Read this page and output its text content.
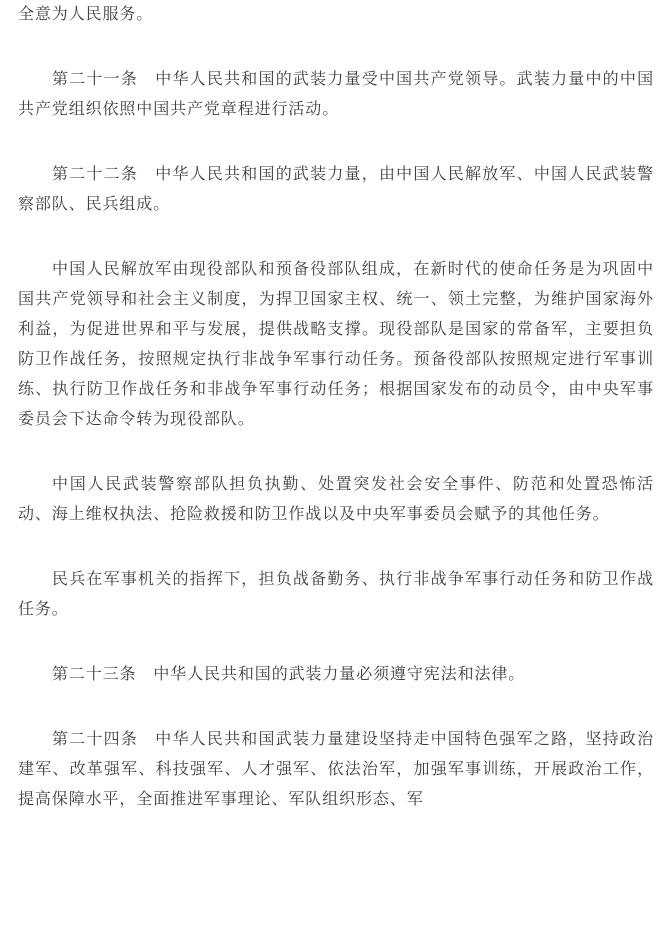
全意为人民服务。

第二十一条　中华人民共和国的武装力量受中国共产党领导。武装力量中的中国共产党组织依照中国共产党章程进行活动。

第二十二条　中华人民共和国的武装力量，由中国人民解放军、中国人民武装警察部队、民兵组成。

中国人民解放军由现役部队和预备役部队组成，在新时代的使命任务是为巩固中国共产党领导和社会主义制度，为捍卫国家主权、统一、领土完整，为维护国家海外利益，为促进世界和平与发展，提供战略支撑。现役部队是国家的常备军，主要担负防卫作战任务，按照规定执行非战争军事行动任务。预备役部队按照规定进行军事训练、执行防卫作战任务和非战争军事行动任务；根据国家发布的动员令，由中央军事委员会下达命令转为现役部队。

中国人民武装警察部队担负执勤、处置突发社会安全事件、防范和处置恐怖活动、海上维权执法、抢险救援和防卫作战以及中央军事委员会赋予的其他任务。

民兵在军事机关的指挥下，担负战备勤务、执行非战争军事行动任务和防卫作战任务。

第二十三条　中华人民共和国的武装力量必须遵守宪法和法律。

第二十四条　中华人民共和国武装力量建设坚持走中国特色强军之路，坚持政治建军、改革强军、科技强军、人才强军、依法治军，加强军事训练，开展政治工作，提高保障水平，全面推进军事理论、军队组织形态、军
